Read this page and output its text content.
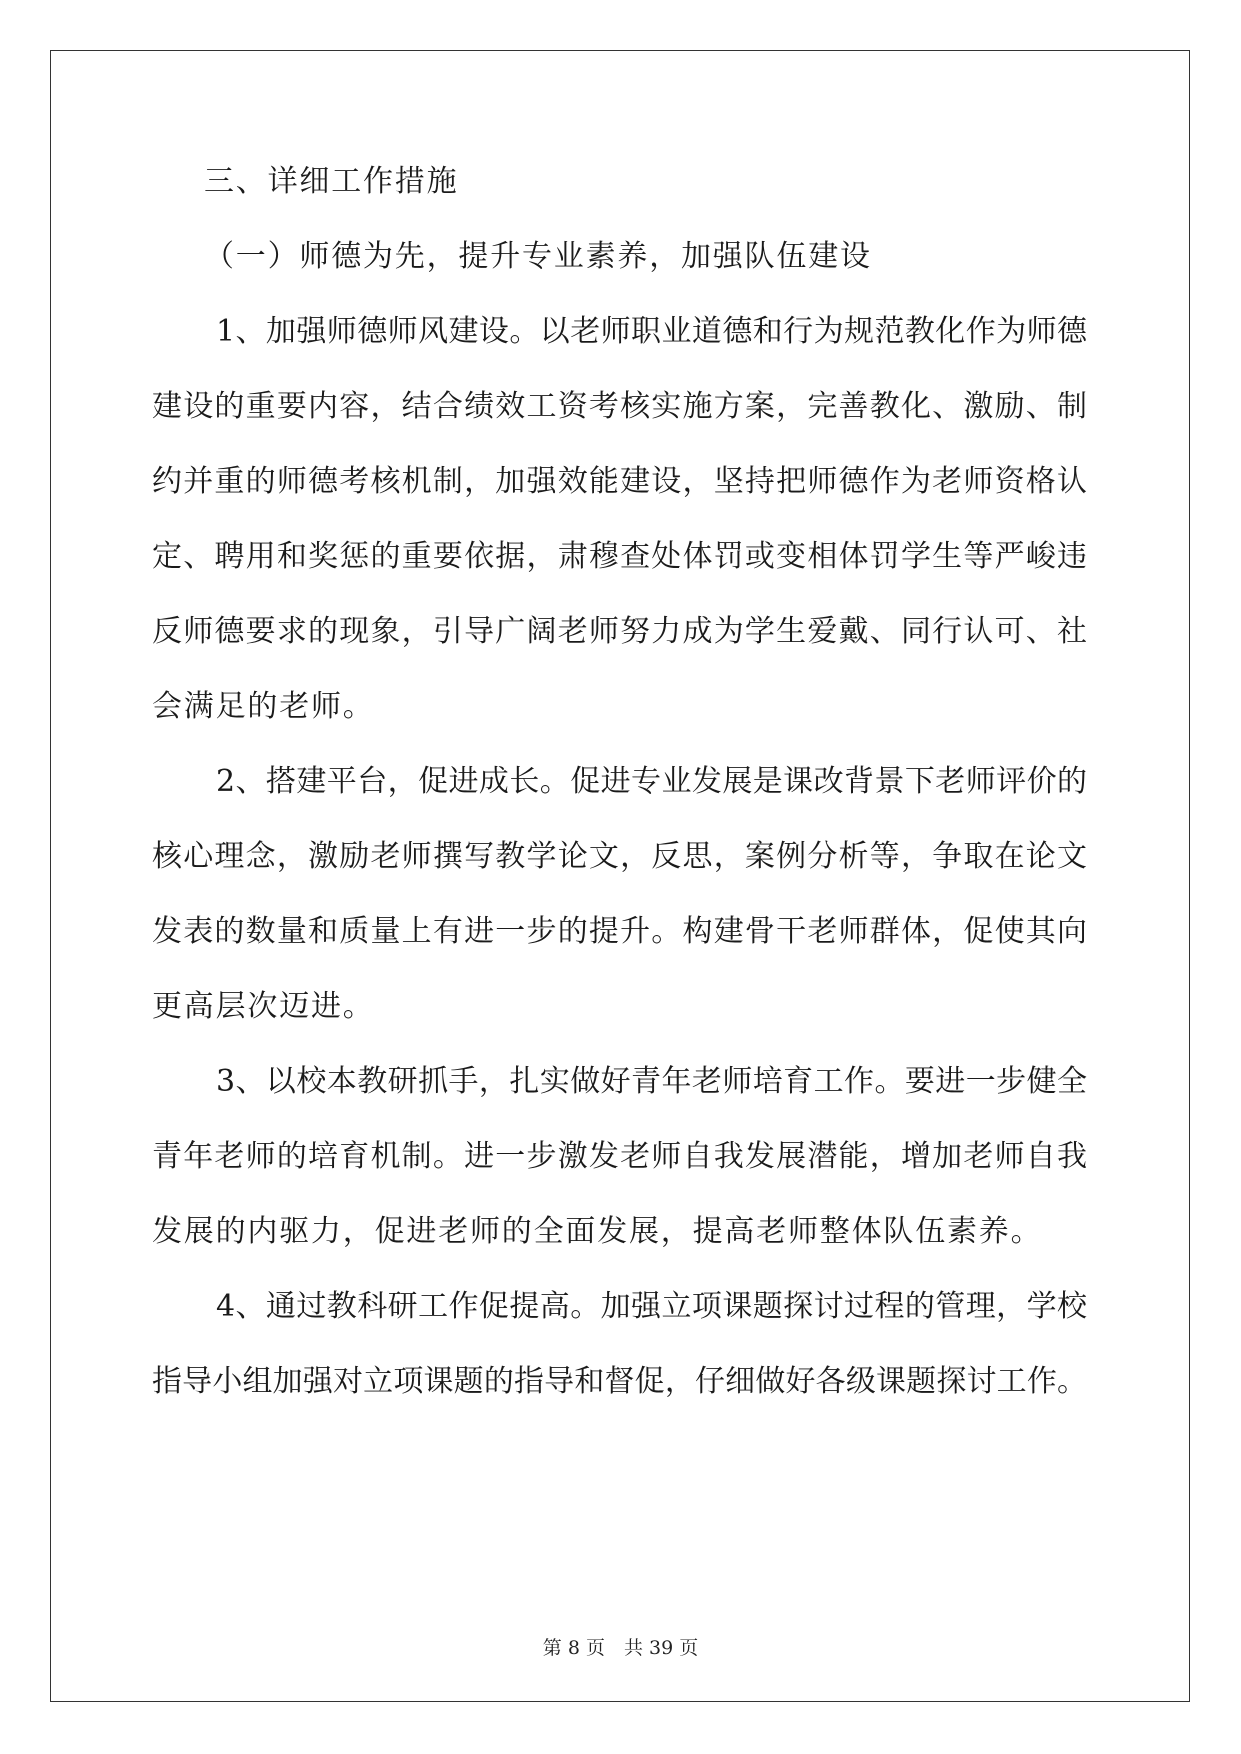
三、详细工作措施
（一）师德为先，提升专业素养，加强队伍建设
1、加强师德师风建设。以老师职业道德和行为规范教化作为师德
建设的重要内容，结合绩效工资考核实施方案，完善教化、激励、制
约并重的师德考核机制，加强效能建设，坚持把师德作为老师资格认
定、聘用和奖惩的重要依据，肃穆查处体罚或变相体罚学生等严峻违
反师德要求的现象，引导广阔老师努力成为学生爱戴、同行认可、社
会满足的老师。
2、搭建平台，促进成长。促进专业发展是课改背景下老师评价的
核心理念，激励老师撰写教学论文，反思，案例分析等，争取在论文
发表的数量和质量上有进一步的提升。构建骨干老师群体，促使其向
更高层次迈进。
3、以校本教研抓手，扎实做好青年老师培育工作。要进一步健全
青年老师的培育机制。进一步激发老师自我发展潜能，增加老师自我
发展的内驱力，促进老师的全面发展，提高老师整体队伍素养。
4、通过教科研工作促提高。加强立项课题探讨过程的管理，学校
指导小组加强对立项课题的指导和督促，仔细做好各级课题探讨工作。
第 8 页　共 39 页
